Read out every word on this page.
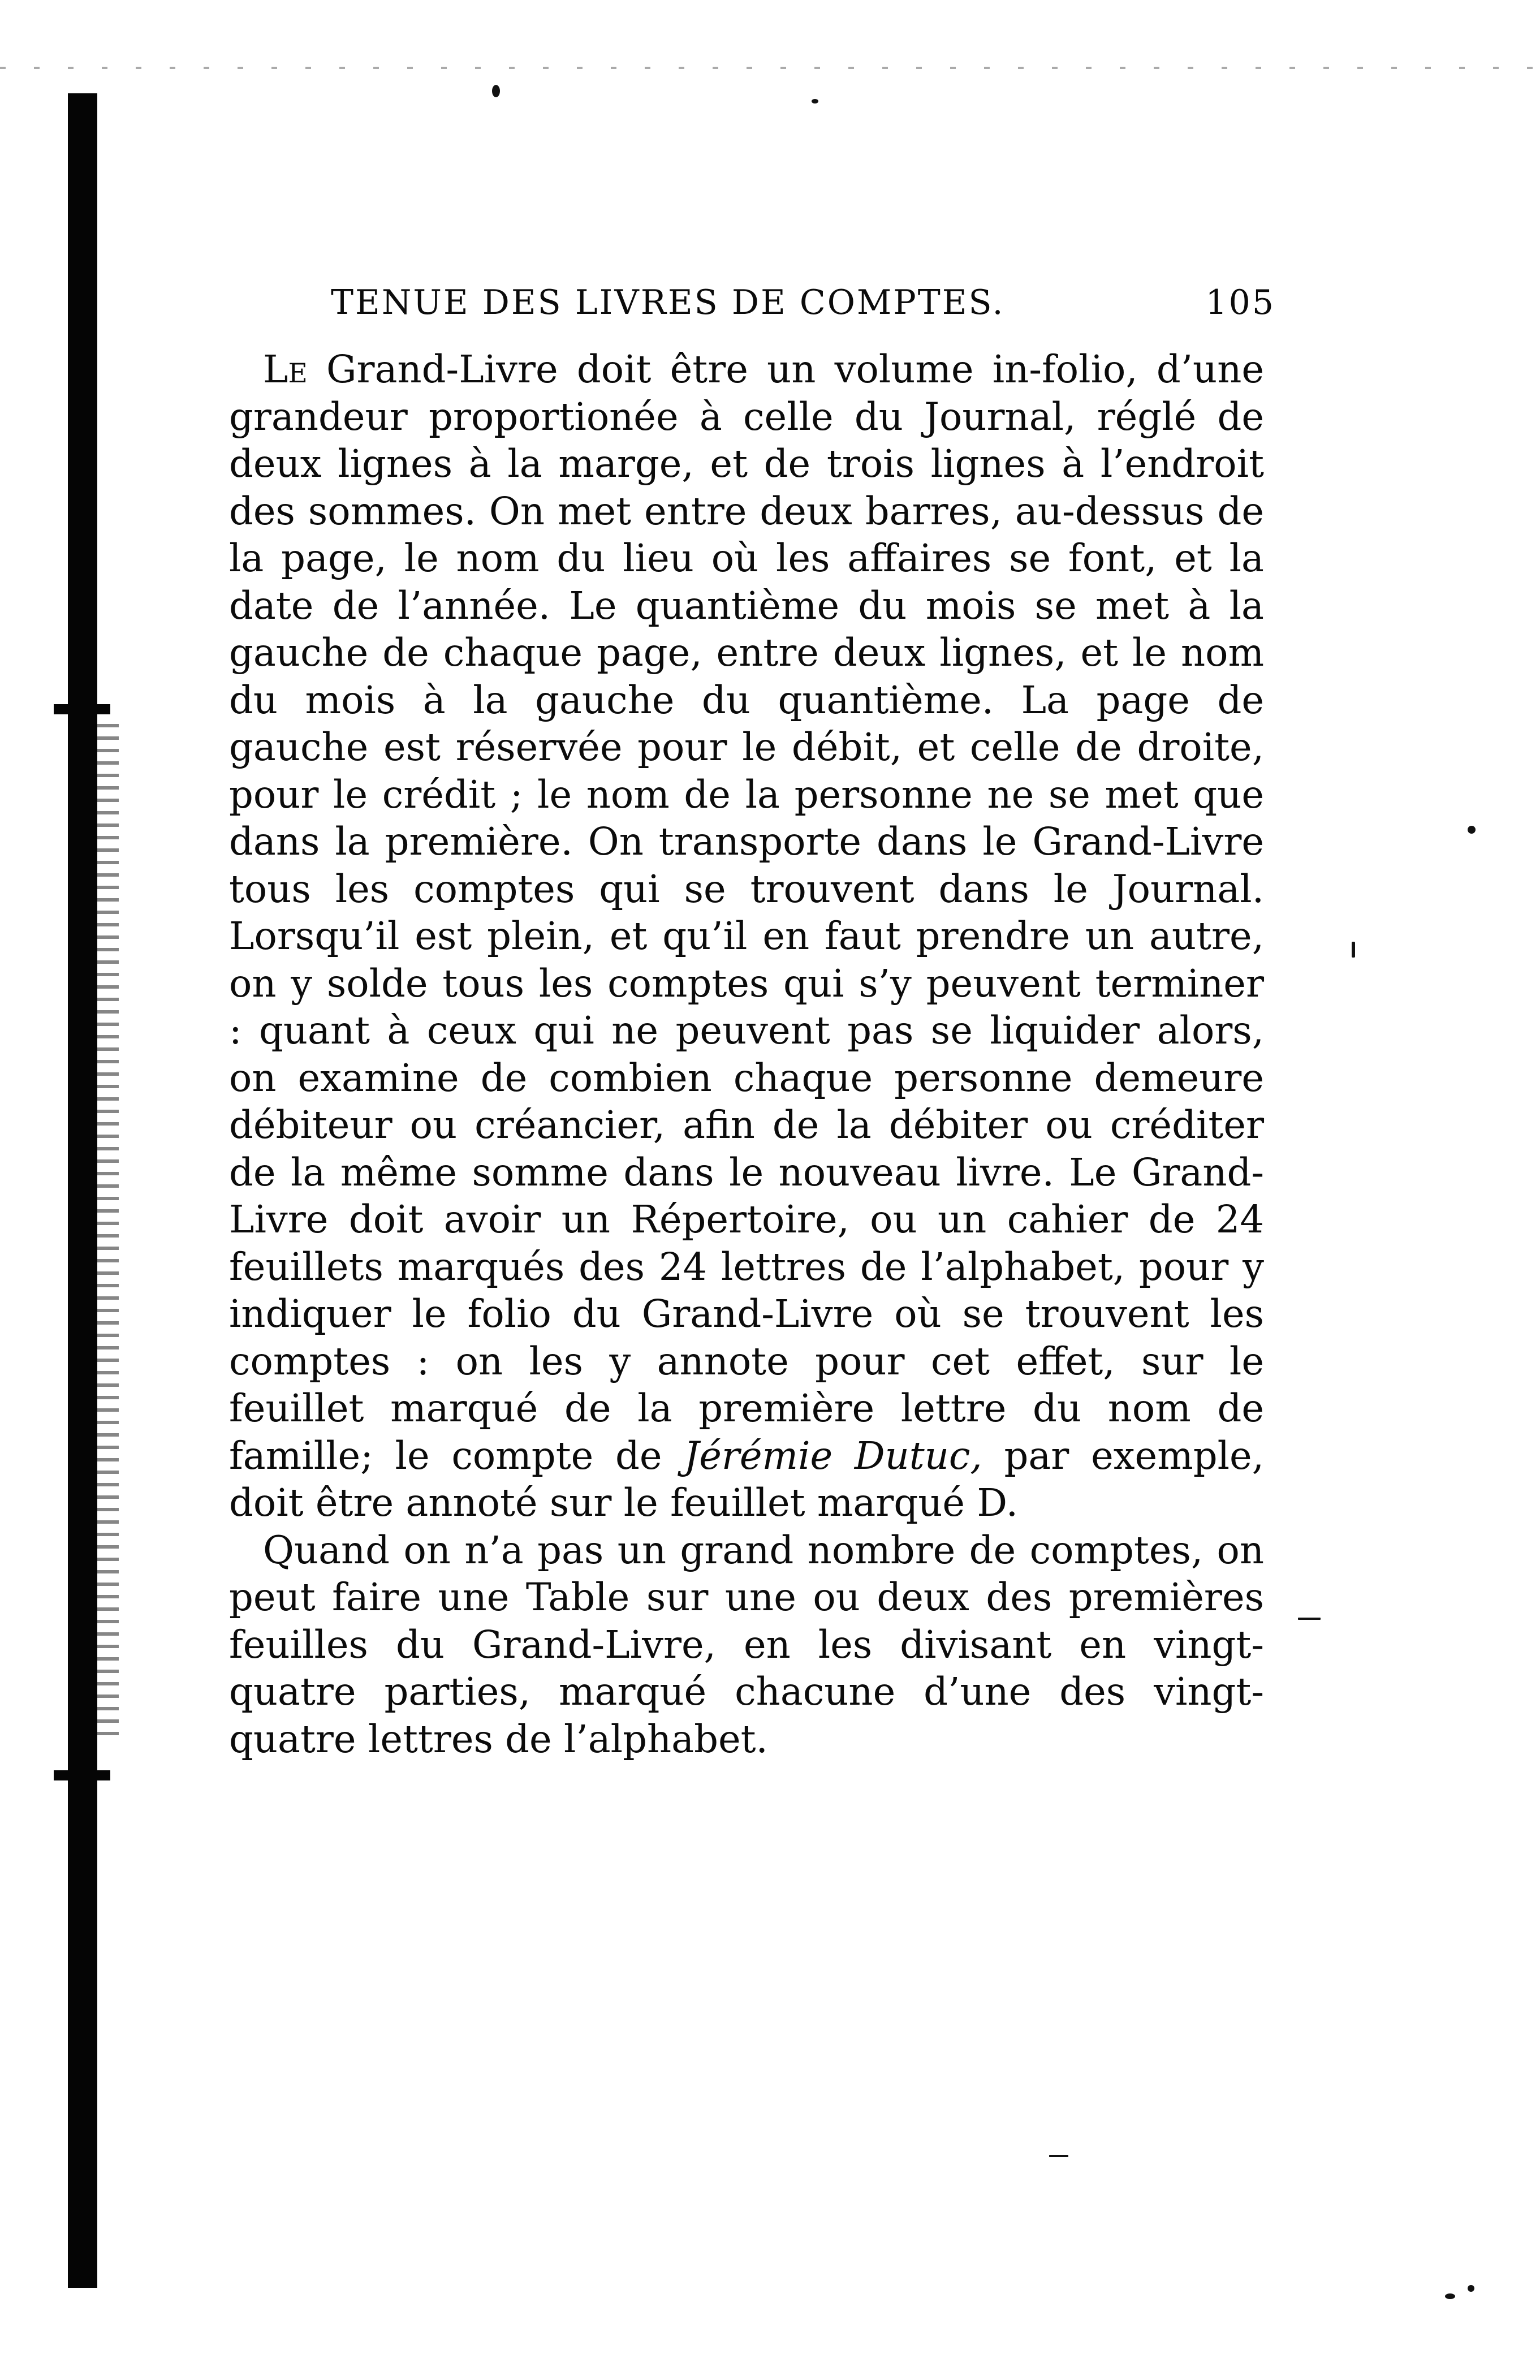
TENUE DES LIVRES DE COMPTES.	105

Le Grand-Livre doit être un volume in-folio, d’une grandeur proportionée à celle du Journal, réglé de deux lignes à la marge, et de trois lignes à l’endroit des sommes. On met entre deux barres, au-dessus de la page, le nom du lieu où les affaires se font, et la date de l’année. Le quantième du mois se met à la gauche de chaque page, entre deux lignes, et le nom du mois à la gauche du quantième. La page de gauche est réservée pour le débit, et celle de droite, pour le crédit ; le nom de la personne ne se met que dans la première. On transporte dans le Grand-Livre tous les comptes qui se trouvent dans le Journal. Lorsqu’il est plein, et qu’il en faut prendre un autre, on y solde tous les comptes qui s’y peuvent terminer : quant à ceux qui ne peuvent pas se liquider alors, on examine de combien chaque personne demeure débiteur ou créancier, afin de la débiter ou créditer de la même somme dans le nouveau livre. Le Grand-Livre doit avoir un Répertoire, ou un cahier de 24 feuillets marqués des 24 lettres de l’alphabet, pour y indiquer le folio du Grand-Livre où se trouvent les comptes : on les y annote pour cet effet, sur le feuillet marqué de la première lettre du nom de famille; le compte de Jérémie Dutuc, par exemple, doit être annoté sur le feuillet marqué D.

Quand on n’a pas un grand nombre de comptes, on peut faire une Table sur une ou deux des premières feuilles du Grand-Livre, en les divisant en vingt-quatre parties, marqué chacune d’une des vingt-quatre lettres de l’alphabet.
